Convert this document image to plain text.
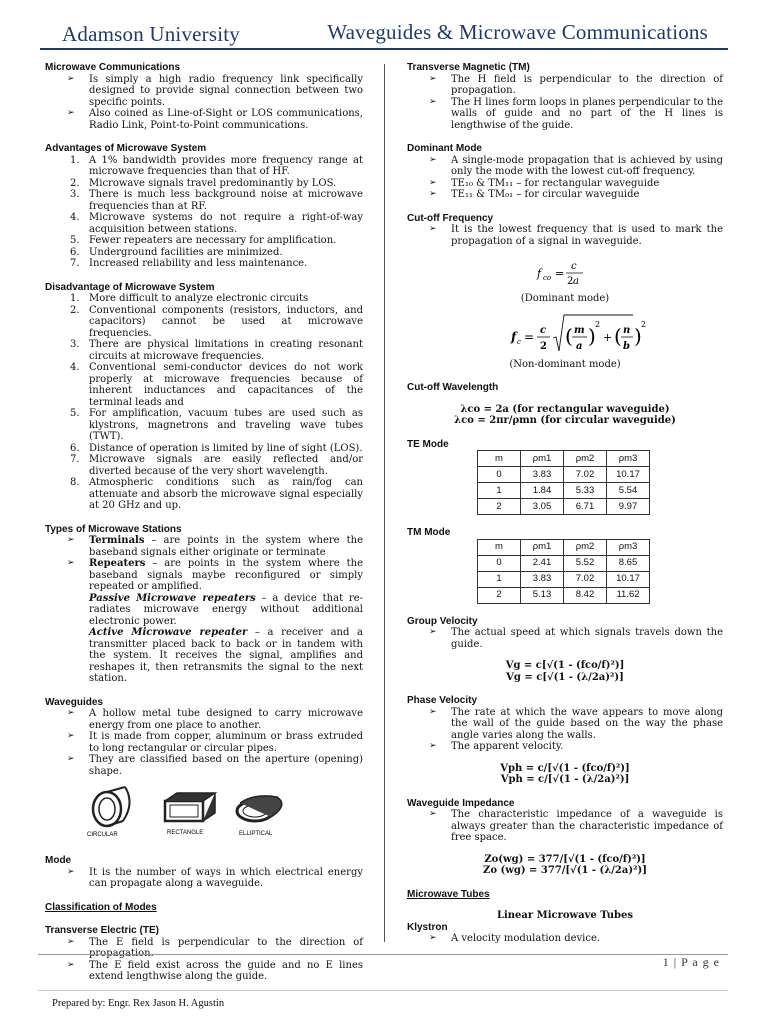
Adamson University	Waveguides & Microwave Communications
Microwave Communications
➢ Is simply a high radio frequency link specifically designed to provide signal connection between two specific points.
➢ Also coined as Line-of-Sight or LOS communications, Radio Link, Point-to-Point communications.
Advantages of Microwave System
1. A 1% bandwidth provides more frequency range at microwave frequencies than that of HF.
2. Microwave signals travel predominantly by LOS.
3. There is much less background noise at microwave frequencies than at RF.
4. Microwave systems do not require a right-of-way acquisition between stations.
5. Fewer repeaters are necessary for amplification.
6. Underground facilities are minimized.
7. Increased reliability and less maintenance.
Disadvantage of Microwave System
1. More difficult to analyze electronic circuits
2. Conventional components (resistors, inductors, and capacitors) cannot be used at microwave frequencies.
3. There are physical limitations in creating resonant circuits at microwave frequencies.
4. Conventional semi-conductor devices do not work properly at microwave frequencies because of inherent inductances and capacitances of the terminal leads and
5. For amplification, vacuum tubes are used such as klystrons, magnetrons and traveling wave tubes (TWT).
6. Distance of operation is limited by line of sight (LOS).
7. Microwave signals are easily reflected and/or diverted because of the very short wavelength.
8. Atmospheric conditions such as rain/fog can attenuate and absorb the microwave signal especially at 20 GHz and up.
Types of Microwave Stations
➢ Terminals – are points in the system where the baseband signals either originate or terminate
➢ Repeaters – are points in the system where the baseband signals maybe reconfigured or simply repeated or amplified.
Passive Microwave repeaters – a device that re-radiates microwave energy without additional electronic power.
Active Microwave repeater – a receiver and a transmitter placed back to back or in tandem with the system. It receives the signal, amplifies and reshapes it, then retransmits the signal to the next station.
Waveguides
➢ A hollow metal tube designed to carry microwave energy from one place to another.
➢ It is made from copper, aluminum or brass extruded to long rectangular or circular pipes.
➢ They are classified based on the aperture (opening) shape.
CIRCULAR	RECTANGLE	ELLIPTICAL
Mode
➢ It is the number of ways in which electrical energy can propagate along a waveguide.
Classification of Modes
Transverse Electric (TE)
➢ The E field is perpendicular to the direction of propagation.
➢ The E field exist across the guide and no E lines extend lengthwise along the guide.
Transverse Magnetic (TM)
➢ The H field is perpendicular to the direction of propagation.
➢ The H lines form loops in planes perpendicular to the walls of guide and no part of the H lines is lengthwise of the guide.
Dominant Mode
➢ A single-mode propagation that is achieved by using only the mode with the lowest cut-off frequency.
➢ TE₁₀ & TM₁₁ – for rectangular waveguide
➢ TE₁₁ & TM₀₁ – for circular waveguide
Cut-off Frequency
➢ It is the lowest frequency that is used to mark the propagation of a signal in waveguide.
f co =
c
2 a
(Dominant mode)
f c = c
2 ( m
a ) 2
+ ( n
b ) 2
(Non-dominant mode)
Cut-off Wavelength
λco = 2a (for rectangular waveguide)
λco = 2πr/ρmn (for circular waveguide)
TE Mode
m	ρm1	ρm2	ρm3
0	3.83	7.02	10.17
1	1.84	5.33	5.54
2	3.05	6.71	9.97
TM Mode
m	ρm1	ρm2	ρm3
0	2.41	5.52	8.65
1	3.83	7.02	10.17
2	5.13	8.42	11.62
Group Velocity
➢ The actual speed at which signals travels down the guide.
Vg = c[√(1 - (fco/f)²)]
Vg = c[√(1 - (λ/2a)²)]
Phase Velocity
➢ The rate at which the wave appears to move along the wall of the guide based on the way the phase angle varies along the walls.
➢ The apparent velocity.
Vph = c/[√(1 - (fco/f)²)]
Vph = c/[√(1 - (λ/2a)²)]
Waveguide Impedance
➢ The characteristic impedance of a waveguide is always greater than the characteristic impedance of free space.
Zo(wg) = 377/[√(1 - (fco/f)²)]
Zo (wg) = 377/[√(1 - (λ/2a)²)]
Microwave Tubes
Linear Microwave Tubes
Klystron
➢ A velocity modulation device.
1 | P a g e
Prepared by: Engr. Rex Jason H. Agustin
